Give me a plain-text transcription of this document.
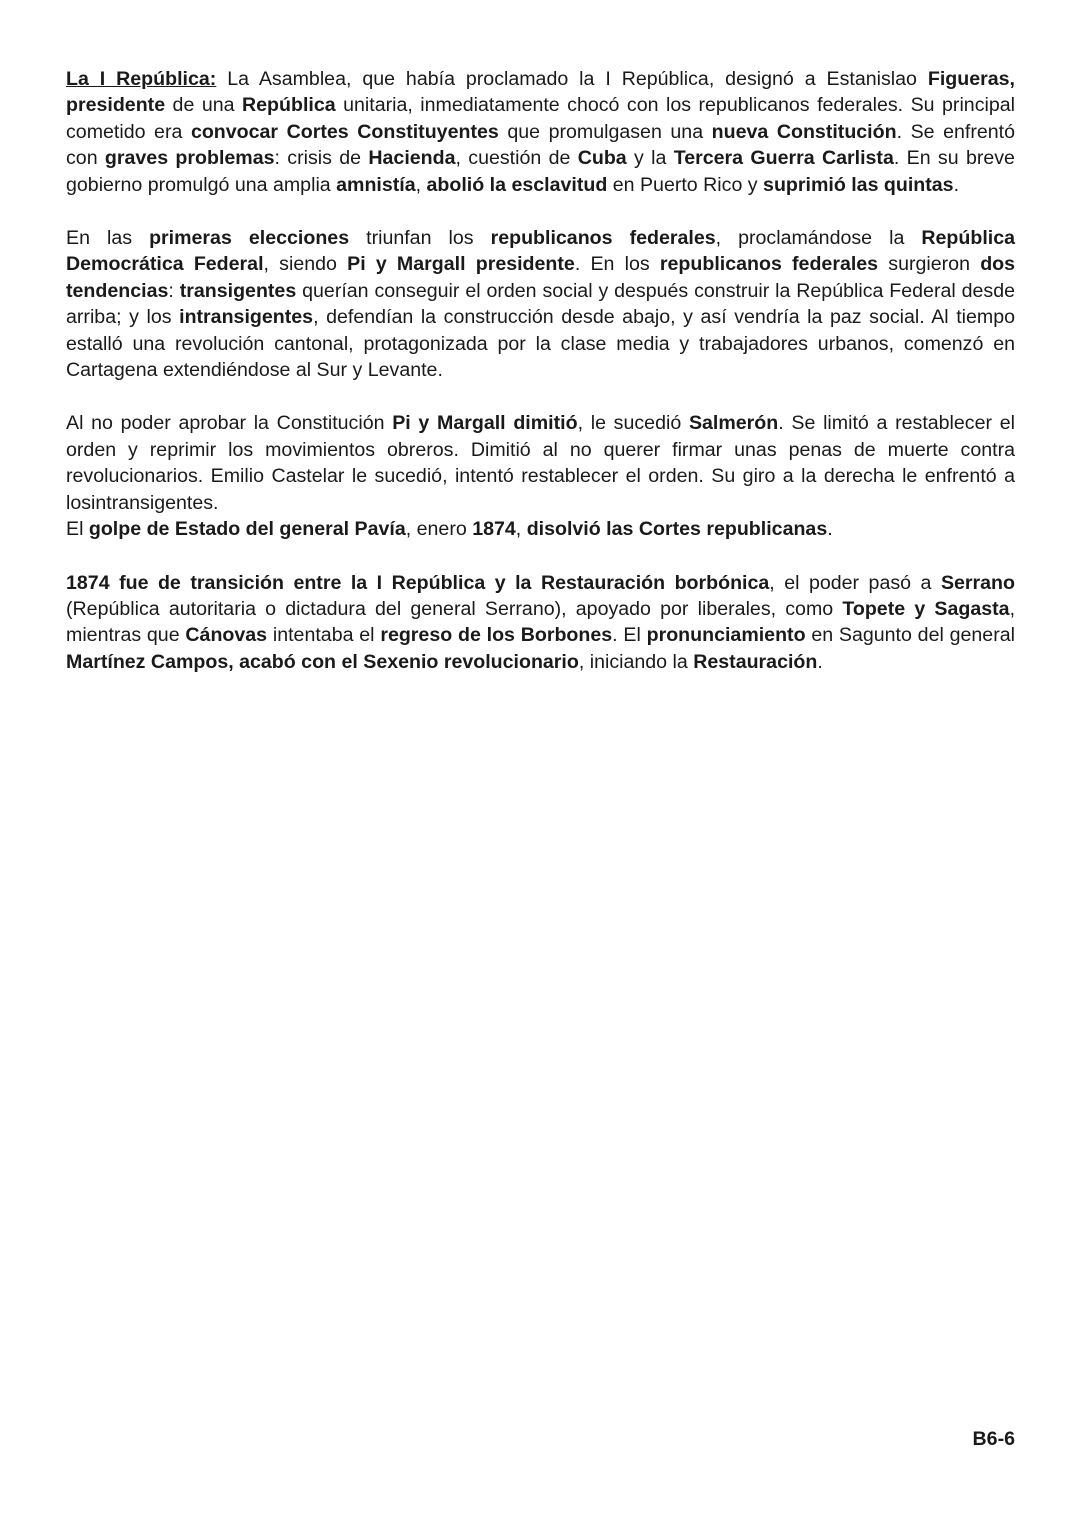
La I República: La Asamblea, que había proclamado la I República, designó a Estanislao Figueras, presidente de una República unitaria, inmediatamente chocó con los republicanos federales. Su principal cometido era convocar Cortes Constituyentes que promulgasen una nueva Constitución. Se enfrentó con graves problemas: crisis de Hacienda, cuestión de Cuba y la Tercera Guerra Carlista. En su breve gobierno promulgó una amplia amnistía, abolió la esclavitud en Puerto Rico y suprimió las quintas.

En las primeras elecciones triunfan los republicanos federales, proclamándose la República Democrática Federal, siendo Pi y Margall presidente. En los republicanos federales surgieron dos tendencias: transigentes querían conseguir el orden social y después construir la República Federal desde arriba; y los intransigentes, defendían la construcción desde abajo, y así vendría la paz social. Al tiempo estalló una revolución cantonal, protagonizada por la clase media y trabajadores urbanos, comenzó en Cartagena extendiéndose al Sur y Levante.

Al no poder aprobar la Constitución Pi y Margall dimitió, le sucedió Salmerón. Se limitó a restablecer el orden y reprimir los movimientos obreros. Dimitió al no querer firmar unas penas de muerte contra revolucionarios. Emilio Castelar le sucedió, intentó restablecer el orden. Su giro a la derecha le enfrentó a losintransigentes.

El golpe de Estado del general Pavía, enero 1874, disolvió las Cortes republicanas.

1874 fue de transición entre la I República y la Restauración borbónica, el poder pasó a Serrano (República autoritaria o dictadura del general Serrano), apoyado por liberales, como Topete y Sagasta, mientras que Cánovas intentaba el regreso de los Borbones. El pronunciamiento en Sagunto del general Martínez Campos, acabó con el Sexenio revolucionario, iniciando la Restauración.

B6-6
